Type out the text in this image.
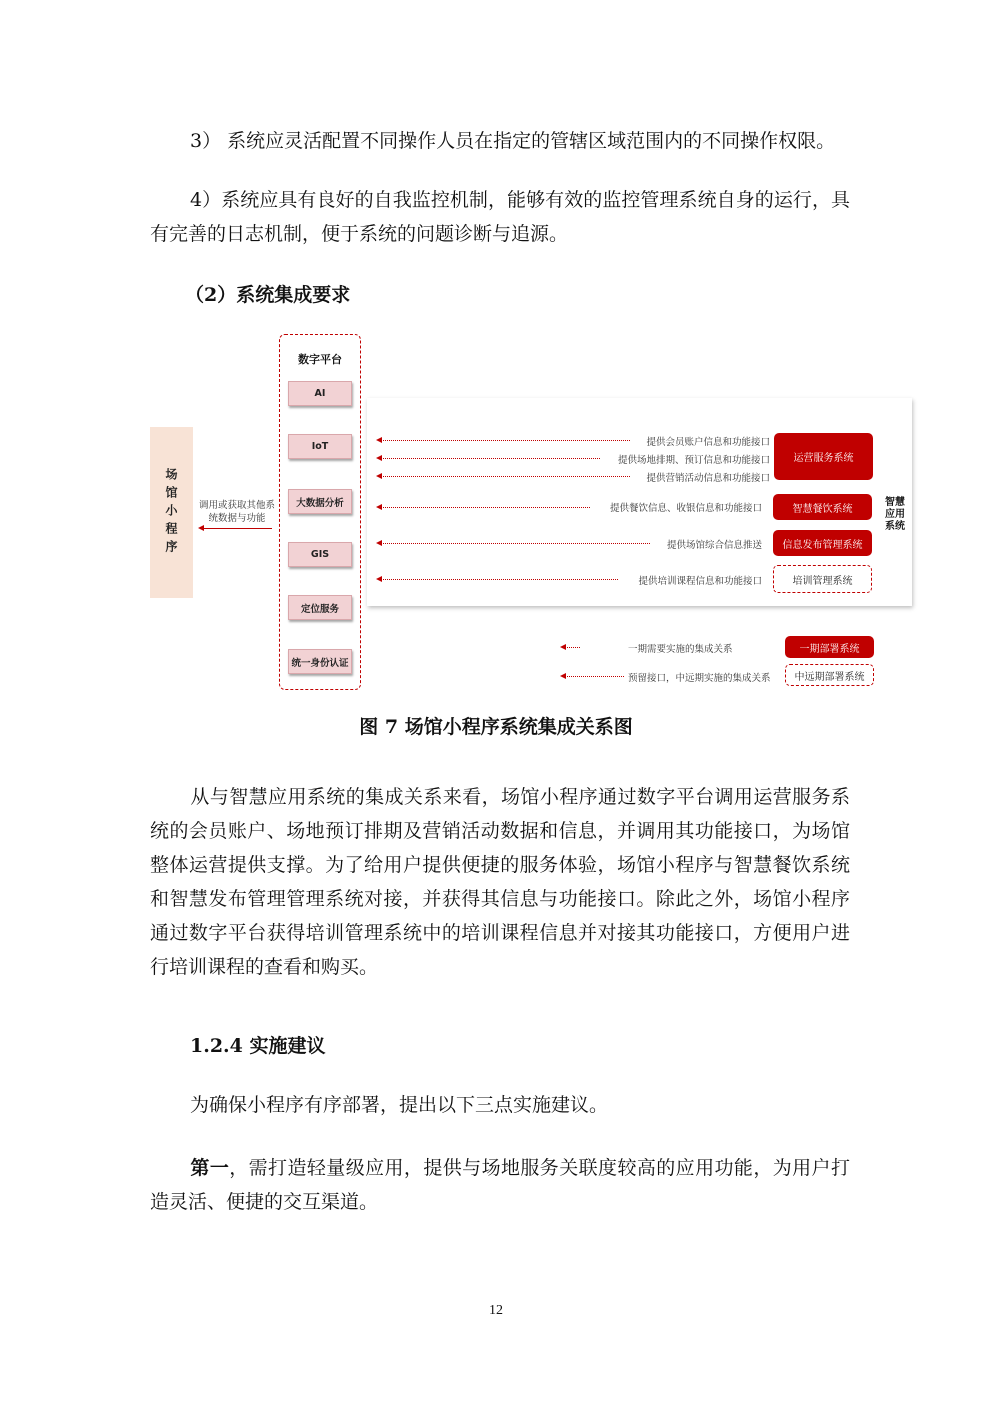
3） 系统应灵活配置不同操作人员在指定的管辖区域范围内的不同操作权限。

4）系统应具有良好的自我监控机制，能够有效的监控管理系统自身的运行，具有完善的日志机制，便于系统的问题诊断与追源。

（2）系统集成要求
场馆小程序 调用或获取其他系统数据与功能
数字平台
AI
IoT
大数据分析
GIS
定位服务
统一身份认证
智慧应用系统
提供会员账户信息和功能接口
提供场地排期、预订信息和功能接口
提供营销活动信息和功能接口
提供餐饮信息、收银信息和功能接口
提供场馆综合信息推送
提供培训课程信息和功能接口
运营服务系统
智慧餐饮系统
信息发布管理系统
培训管理系统
一期需要实施的集成关系	一期部署系统
预留接口，中远期实施的集成关系	中远期部署系统
图 7 场馆小程序系统集成关系图

从与智慧应用系统的集成关系来看，场馆小程序通过数字平台调用运营服务系统的会员账户、场地预订排期及营销活动数据和信息，并调用其功能接口，为场馆整体运营提供支撑。为了给用户提供便捷的服务体验，场馆小程序与智慧餐饮系统和智慧发布管理管理系统对接，并获得其信息与功能接口。除此之外，场馆小程序通过数字平台获得培训管理系统中的培训课程信息并对接其功能接口，方便用户进行培训课程的查看和购买。

1.2.4 实施建议

为确保小程序有序部署，提出以下三点实施建议。

第一，需打造轻量级应用，提供与场地服务关联度较高的应用功能，为用户打造灵活、便捷的交互渠道。

12
